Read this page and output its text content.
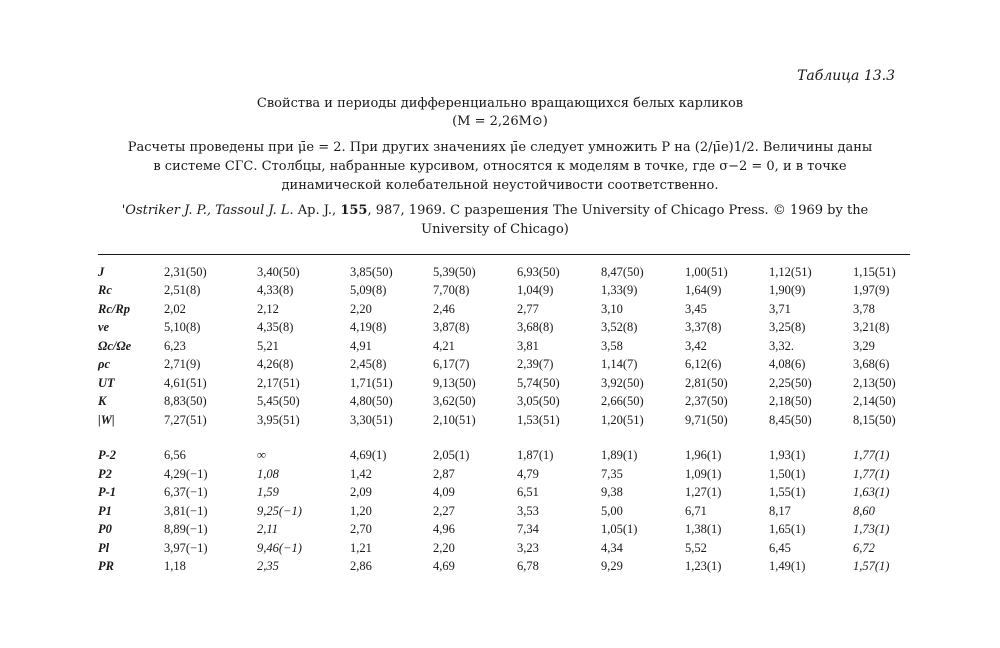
Таблица 13.3
Свойства и периоды дифференциально вращающихся белых карликов
(M = 2,26M⊙)
Расчеты проведены при μ̄e = 2. При других значениях μ̄e следует умножить P на (2/μ̄e)1/2. Величины даны
в системе СГС. Столбцы, набранные курсивом, относятся к моделям в точке, где σ−2 = 0, и в точке
динамической колебательной неустойчивости соответственно.
'Ostriker J. P., Tassoul J. L. Ap. J., 155, 987, 1969. С разрешения The University of Chicago Press. © 1969 by the
University of Chicago)
J	2,31(50)	3,40(50)	3,85(50)	5,39(50)	6,93(50)	8,47(50)	1,00(51)	1,12(51)	1,15(51)
Rc	2,51(8)	4,33(8)	5,09(8)	7,70(8)	1,04(9)	1,33(9)	1,64(9)	1,90(9)	1,97(9)
Rc/Rp	2,02	2,12	2,20	2,46	2,77	3,10	3,45	3,71	3,78
ve	5,10(8)	4,35(8)	4,19(8)	3,87(8)	3,68(8)	3,52(8)	3,37(8)	3,25(8)	3,21(8)
Ωc/Ωe	6,23	5,21	4,91	4,21	3,81	3,58	3,42	3,32.	3,29
ρc	2,71(9)	4,26(8)	2,45(8)	6,17(7)	2,39(7)	1,14(7)	6,12(6)	4,08(6)	3,68(6)
UT	4,61(51)	2,17(51)	1,71(51)	9,13(50)	5,74(50)	3,92(50)	2,81(50)	2,25(50)	2,13(50)
K	8,83(50)	5,45(50)	4,80(50)	3,62(50)	3,05(50)	2,66(50)	2,37(50)	2,18(50)	2,14(50)
|W|	7,27(51)	3,95(51)	3,30(51)	2,10(51)	1,53(51)	1,20(51)	9,71(50)	8,45(50)	8,15(50)

P-2	6,56	∞	4,69(1)	2,05(1)	1,87(1)	1,89(1)	1,96(1)	1,93(1)	1,77(1)
P2	4,29(−1)	1,08	1,42	2,87	4,79	7,35	1,09(1)	1,50(1)	1,77(1)
P-1	6,37(−1)	1,59	2,09	4,09	6,51	9,38	1,27(1)	1,55(1)	1,63(1)
P1	3,81(−1)	9,25(−1)	1,20	2,27	3,53	5,00	6,71	8,17	8,60
P0	8,89(−1)	2,11	2,70	4,96	7,34	1,05(1)	1,38(1)	1,65(1)	1,73(1)
Pl	3,97(−1)	9,46(−1)	1,21	2,20	3,23	4,34	5,52	6,45	6,72
PR	1,18	2,35	2,86	4,69	6,78	9,29	1,23(1)	1,49(1)	1,57(1)
